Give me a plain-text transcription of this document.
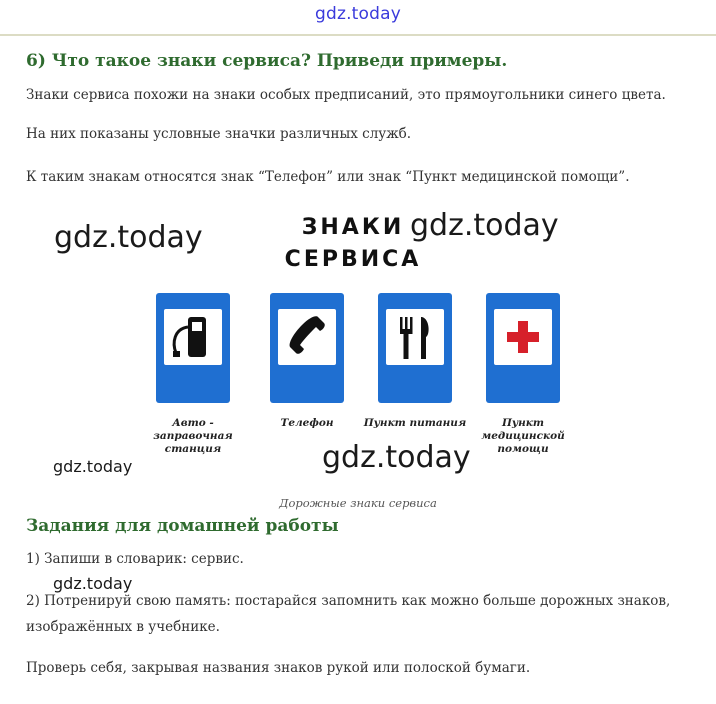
gdz.today
6) Что такое знаки сервиса? Приведи примеры.

Знаки сервиса похожи на знаки особых предписаний, это прямоугольники синего цвета.

На них показаны условные значки различных служб.

К таким знакам относятся знак “Телефон” или знак “Пункт медицинской помощи”.

ЗНАКИ

СЕРВИСА

Авто - заправочная станция
Телефон	Пункт питания	Пункт медицинской помощи

Дорожные знаки сервиса

gdz.today	gdz.today
gdz.today
gdz.today
gdz.today
Задания для домашней работы

1) Запиши в словарик: сервис.

2) Потренируй свою память: постарайся запомнить как можно больше дорожных знаков,

изображённых в учебнике.

Проверь себя, закрывая названия знаков рукой или полоской бумаги.
